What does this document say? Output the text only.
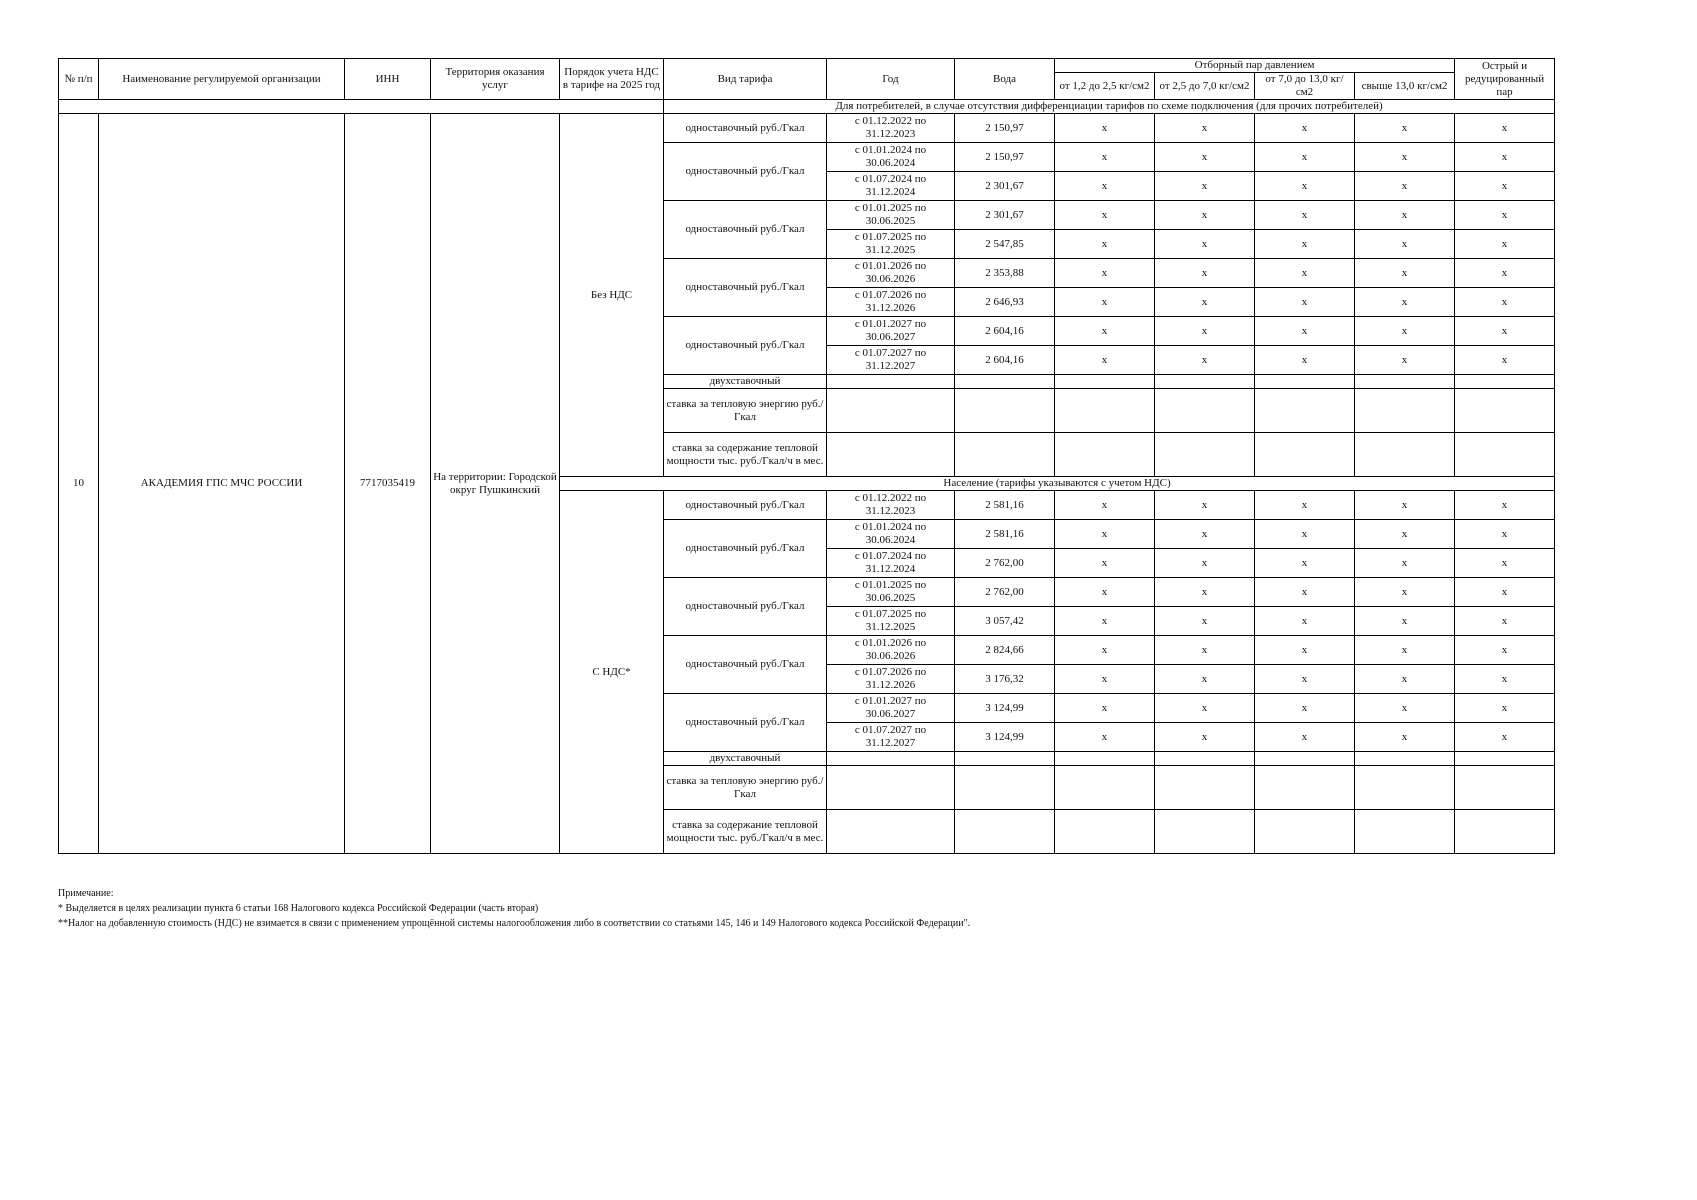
№ п/п	Наименование регулируемой организации	ИНН	Территория оказания услуг	Порядок учета НДС в тарифе на 2025 год	Вид тарифа	Год	Вода	Отборный пар давлением				Острый и редуцированный пар
								от 1,2 до 2,5 кг/см2	от 2,5 до 7,0 кг/см2	от 7,0 до 13,0 кг/см2	свыше 13,0 кг/см2	
					Для потребителей, в случае отсутствия дифференциации тарифов по схеме подключения (для прочих потребителей)							
10	АКАДЕМИЯ ГПС МЧС РОССИИ	7717035419	На территории: Городской округ Пушкинский	Без НДС	одноставочный руб./Гкал	с 01.12.2022 по 31.12.2023	2 150,97	x	x	x	x	x
					одноставочный руб./Гкал	с 01.01.2024 по 30.06.2024	2 150,97	x	x	x	x	x
						с 01.07.2024 по 31.12.2024	2 301,67	x	x	x	x	x
					одноставочный руб./Гкал	с 01.01.2025 по 30.06.2025	2 301,67	x	x	x	x	x
						с 01.07.2025 по 31.12.2025	2 547,85	x	x	x	x	x
					одноставочный руб./Гкал	с 01.01.2026 по 30.06.2026	2 353,88	x	x	x	x	x
						с 01.07.2026 по 31.12.2026	2 646,93	x	x	x	x	x
					одноставочный руб./Гкал	с 01.01.2027 по 30.06.2027	2 604,16	x	x	x	x	x
						с 01.07.2027 по 31.12.2027	2 604,16	x	x	x	x	x
					двухставочный							
					ставка за тепловую энергию руб./Гкал							
					ставка за содержание тепловой мощности тыс. руб./Гкал/ч в мес.							
				Население (тарифы указываются с учетом НДС)								
				С НДС*	одноставочный руб./Гкал	с 01.12.2022 по 31.12.2023	2 581,16	x	x	x	x	x
					одноставочный руб./Гкал	с 01.01.2024 по 30.06.2024	2 581,16	x	x	x	x	x
						с 01.07.2024 по 31.12.2024	2 762,00	x	x	x	x	x
					одноставочный руб./Гкал	с 01.01.2025 по 30.06.2025	2 762,00	x	x	x	x	x
						с 01.07.2025 по 31.12.2025	3 057,42	x	x	x	x	x
					одноставочный руб./Гкал	с 01.01.2026 по 30.06.2026	2 824,66	x	x	x	x	x
						с 01.07.2026 по 31.12.2026	3 176,32	x	x	x	x	x
					одноставочный руб./Гкал	с 01.01.2027 по 30.06.2027	3 124,99	x	x	x	x	x
						с 01.07.2027 по 31.12.2027	3 124,99	x	x	x	x	x
					двухставочный							
					ставка за тепловую энергию руб./Гкал							
					ставка за содержание тепловой мощности тыс. руб./Гкал/ч в мес.							
Примечание:
* Выделяется в целях реализации пункта 6 статьи 168 Налогового кодекса Российской Федерации (часть вторая)
**Налог на добавленную стоимость (НДС) не взимается в связи с применением упрощённой системы налогообложения либо в соответствии со статьями 145, 146 и 149 Налогового кодекса Российской Федерации".
